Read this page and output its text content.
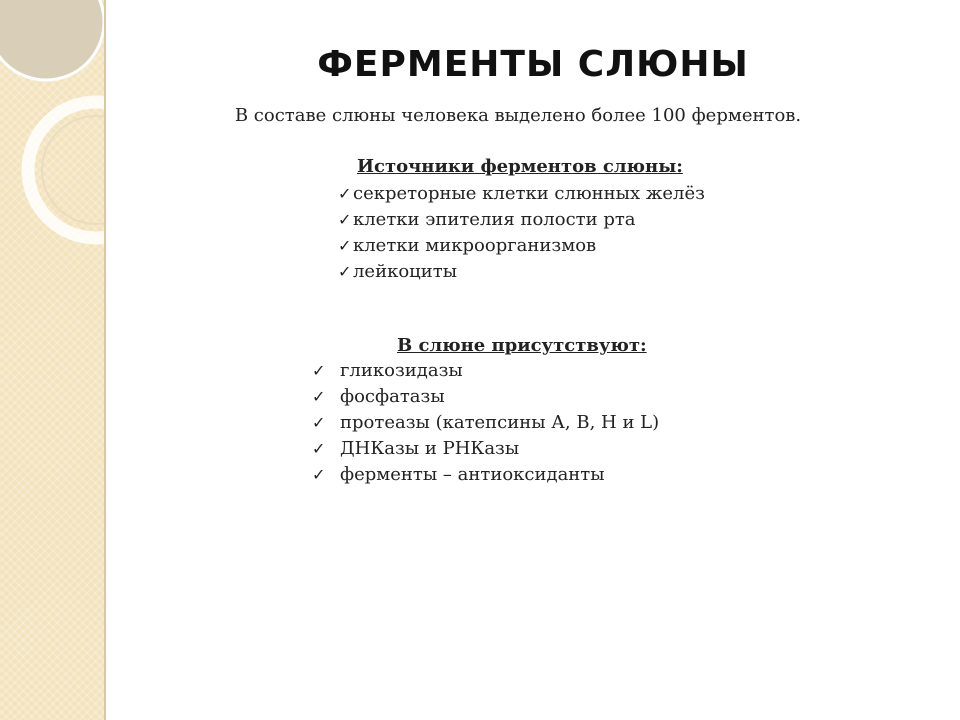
ФЕРМЕНТЫ СЛЮНЫ
В составе слюны человека выделено более 100 ферментов.
Источники ферментов слюны:
✓секреторные клетки слюнных желёз
✓клетки эпителия полости рта
✓клетки микроорганизмов
✓лейкоциты
В слюне присутствуют:
✓ гликозидазы
✓ фосфатазы
✓ протеазы (катепсины А, В, Н и L)
✓ ДНКазы и РНКазы
✓ ферменты – антиоксиданты
